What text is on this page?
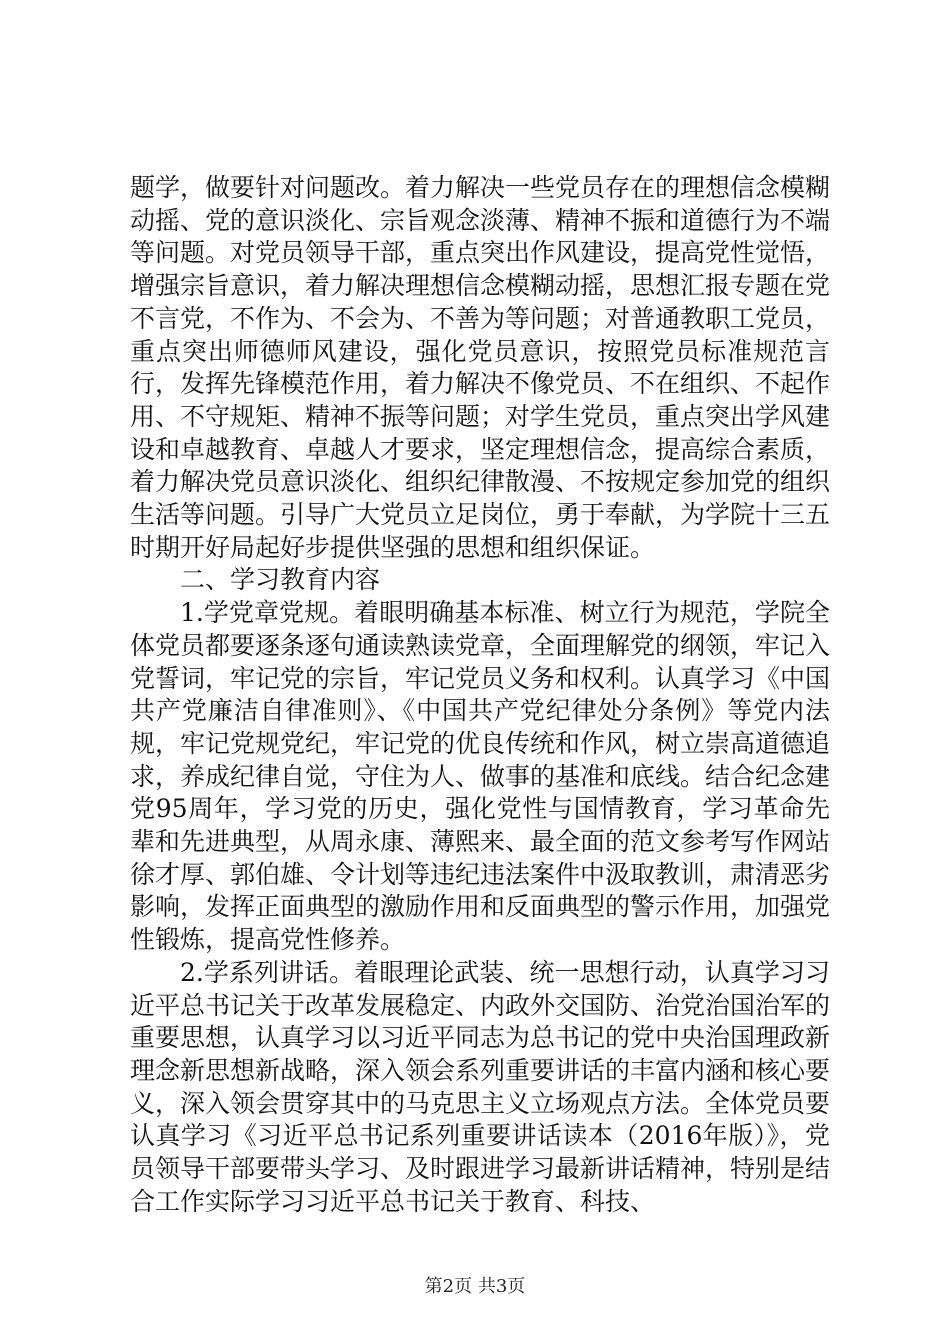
题学，做要针对问题改。着力解决一些党员存在的理想信念模糊动摇、党的意识淡化、宗旨观念淡薄、精神不振和道德行为不端等问题。对党员领导干部，重点突出作风建设，提高党性觉悟，增强宗旨意识，着力解决理想信念模糊动摇，思想汇报专题在党不言党，不作为、不会为、不善为等问题；对普通教职工党员，重点突出师德师风建设，强化党员意识，按照党员标准规范言行，发挥先锋模范作用，着力解决不像党员、不在组织、不起作用、不守规矩、精神不振等问题；对学生党员，重点突出学风建设和卓越教育、卓越人才要求，坚定理想信念，提高综合素质，着力解决党员意识淡化、组织纪律散漫、不按规定参加党的组织生活等问题。引导广大党员立足岗位，勇于奉献，为学院十三五时期开好局起好步提供坚强的思想和组织保证。

二、学习教育内容

1.学党章党规。着眼明确基本标准、树立行为规范，学院全体党员都要逐条逐句通读熟读党章，全面理解党的纲领，牢记入党誓词，牢记党的宗旨，牢记党员义务和权利。认真学习《中国共产党廉洁自律准则》、《中国共产党纪律处分条例》等党内法规，牢记党规党纪，牢记党的优良传统和作风，树立崇高道德追求，养成纪律自觉，守住为人、做事的基准和底线。结合纪念建党95周年，学习党的历史，强化党性与国情教育，学习革命先辈和先进典型，从周永康、薄熙来、最全面的范文参考写作网站徐才厚、郭伯雄、令计划等违纪违法案件中汲取教训，肃清恶劣影响，发挥正面典型的激励作用和反面典型的警示作用，加强党性锻炼，提高党性修养。

2.学系列讲话。着眼理论武装、统一思想行动，认真学习习近平总书记关于改革发展稳定、内政外交国防、治党治国治军的重要思想，认真学习以习近平同志为总书记的党中央治国理政新理念新思想新战略，深入领会系列重要讲话的丰富内涵和核心要义，深入领会贯穿其中的马克思主义立场观点方法。全体党员要认真学习《习近平总书记系列重要讲话读本（2016年版）》，党员领导干部要带头学习、及时跟进学习最新讲话精神，特别是结合工作实际学习习近平总书记关于教育、科技、

第2页 共3页
